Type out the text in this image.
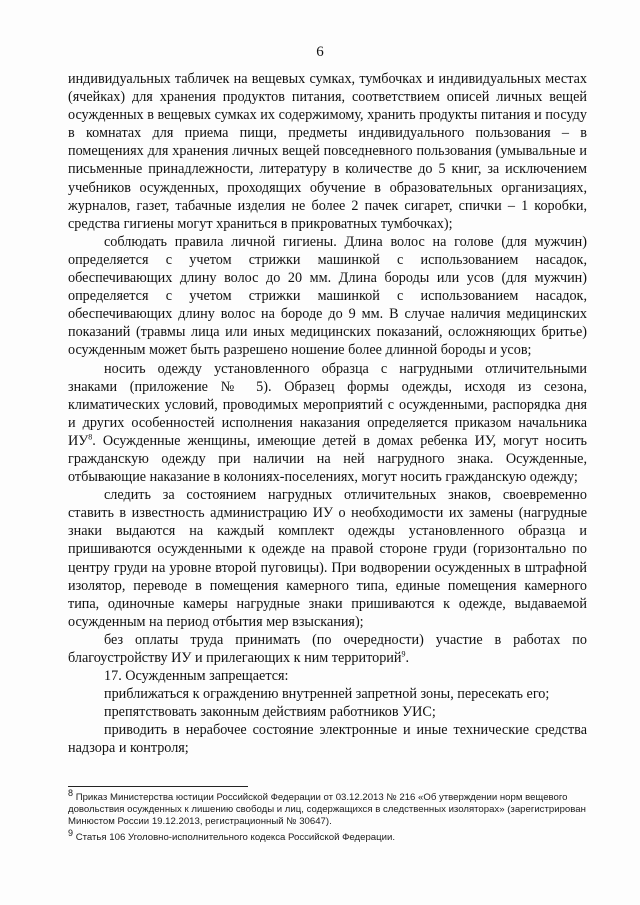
6

индивидуальных табличек на вещевых сумках, тумбочках и индивидуальных местах (ячейках) для хранения продуктов питания, соответствием описей личных вещей осужденных в вещевых сумках их содержимому, хранить продукты питания и посуду в комнатах для приема пищи, предметы индивидуального пользования – в помещениях для хранения личных вещей повседневного пользования (умывальные и письменные принадлежности, литературу в количестве до 5 книг, за исключением учебников осужденных, проходящих обучение в образовательных организациях, журналов, газет, табачные изделия не более 2 пачек сигарет, спички – 1 коробки, средства гигиены могут храниться в прикроватных тумбочках);

соблюдать правила личной гигиены. Длина волос на голове (для мужчин) определяется с учетом стрижки машинкой с использованием насадок, обеспечивающих длину волос до 20 мм. Длина бороды или усов (для мужчин) определяется с учетом стрижки машинкой с использованием насадок, обеспечивающих длину волос на бороде до 9 мм. В случае наличия медицинских показаний (травмы лица или иных медицинских показаний, осложняющих бритье) осужденным может быть разрешено ношение более длинной бороды и усов;

носить одежду установленного образца с нагрудными отличительными знаками (приложение № 5). Образец формы одежды, исходя из сезона, климатических условий, проводимых мероприятий с осужденными, распорядка дня и других особенностей исполнения наказания определяется приказом начальника $ИУ^8$. Осужденные женщины, имеющие детей в домах ребенка ИУ, могут носить гражданскую одежду при наличии на ней нагрудного знака. Осужденные, отбывающие наказание в колониях-поселениях, могут носить гражданскую одежду;

следить за состоянием нагрудных отличительных знаков, своевременно ставить в известность администрацию ИУ о необходимости их замены (нагрудные знаки выдаются на каждый комплект одежды установленного образца и пришиваются осужденными к одежде на правой стороне груди (горизонтально по центру груди на уровне второй пуговицы). При водворении осужденных в штрафной изолятор, переводе в помещения камерного типа, единые помещения камерного типа, одиночные камеры нагрудные знаки пришиваются к одежде, выдаваемой осужденным на период отбытия мер взыскания);

без оплаты труда принимать (по очередности) участие в работах по благоустройству ИУ и прилегающих к ним территорий$^9$.

17. Осужденным запрещается:

приближаться к ограждению внутренней запретной зоны, пересекать его;

препятствовать законным действиям работников УИС;

приводить в нерабочее состояние электронные и иные технические средства надзора и контроля;

8 Приказ Министерства юстиции Российской Федерации от 03.12.2013 № 216 «Об утверждении норм вещевого довольствия осужденных к лишению свободы и лиц, содержащихся в следственных изоляторах» (зарегистрирован Минюстом России 19.12.2013, регистрационный № 30647).

9 Статья 106 Уголовно-исполнительного кодекса Российской Федерации.
